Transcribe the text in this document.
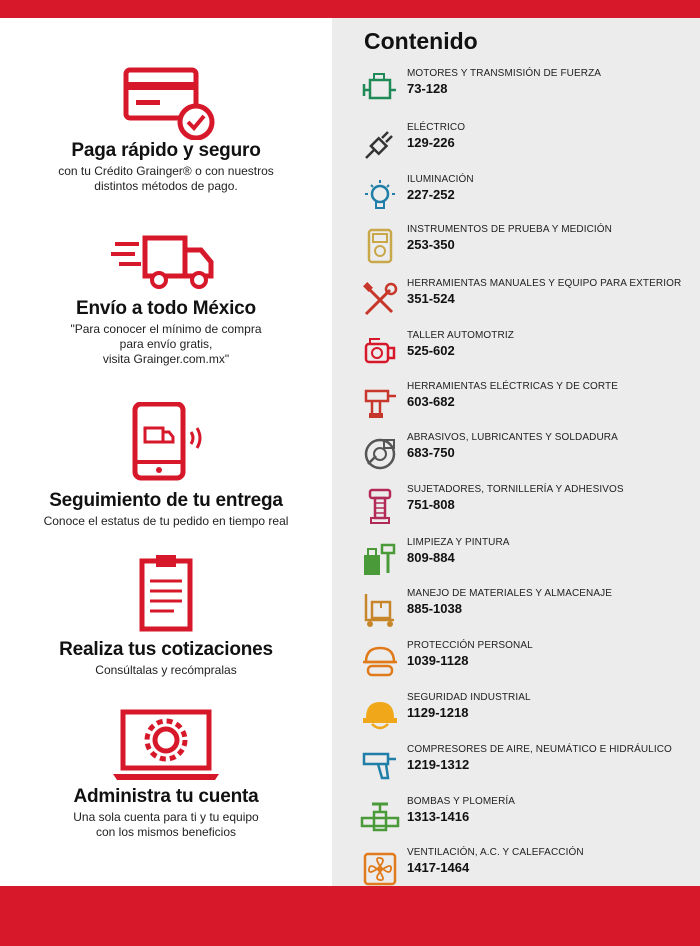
Paga rápido y seguro

con tu Crédito Grainger® o con nuestros
distintos métodos de pago.

Envío a todo México

"Para conocer el mínimo de compra
para envío gratis,
visita Grainger.com.mx"

Seguimiento de tu entrega

Conoce el estatus de tu pedido en tiempo real

Realiza tus cotizaciones

Consúltalas y recómpralas

Administra tu cuenta

Una sola cuenta para ti y tu equipo
con los mismos beneficios

Contenido
MOTORES Y TRANSMISIÓN DE FUERZA
73-128
ELÉCTRICO
129-226
ILUMINACIÓN
227-252
INSTRUMENTOS DE PRUEBA Y MEDICIÓN
253-350
HERRAMIENTAS MANUALES Y EQUIPO PARA EXTERIOR
351-524
TALLER AUTOMOTRIZ
525-602
HERRAMIENTAS ELÉCTRICAS Y DE CORTE
603-682
ABRASIVOS, LUBRICANTES Y SOLDADURA
683-750
SUJETADORES, TORNILLERÍA Y ADHESIVOS
751-808
LIMPIEZA Y PINTURA
809-884
MANEJO DE MATERIALES Y ALMACENAJE
885-1038
PROTECCIÓN PERSONAL
1039-1128
SEGURIDAD INDUSTRIAL
1129-1218
COMPRESORES DE AIRE, NEUMÁTICO E HIDRÁULICO
1219-1312
BOMBAS Y PLOMERÍA
1313-1416
VENTILACIÓN, A.C. Y CALEFACCIÓN
1417-1464
